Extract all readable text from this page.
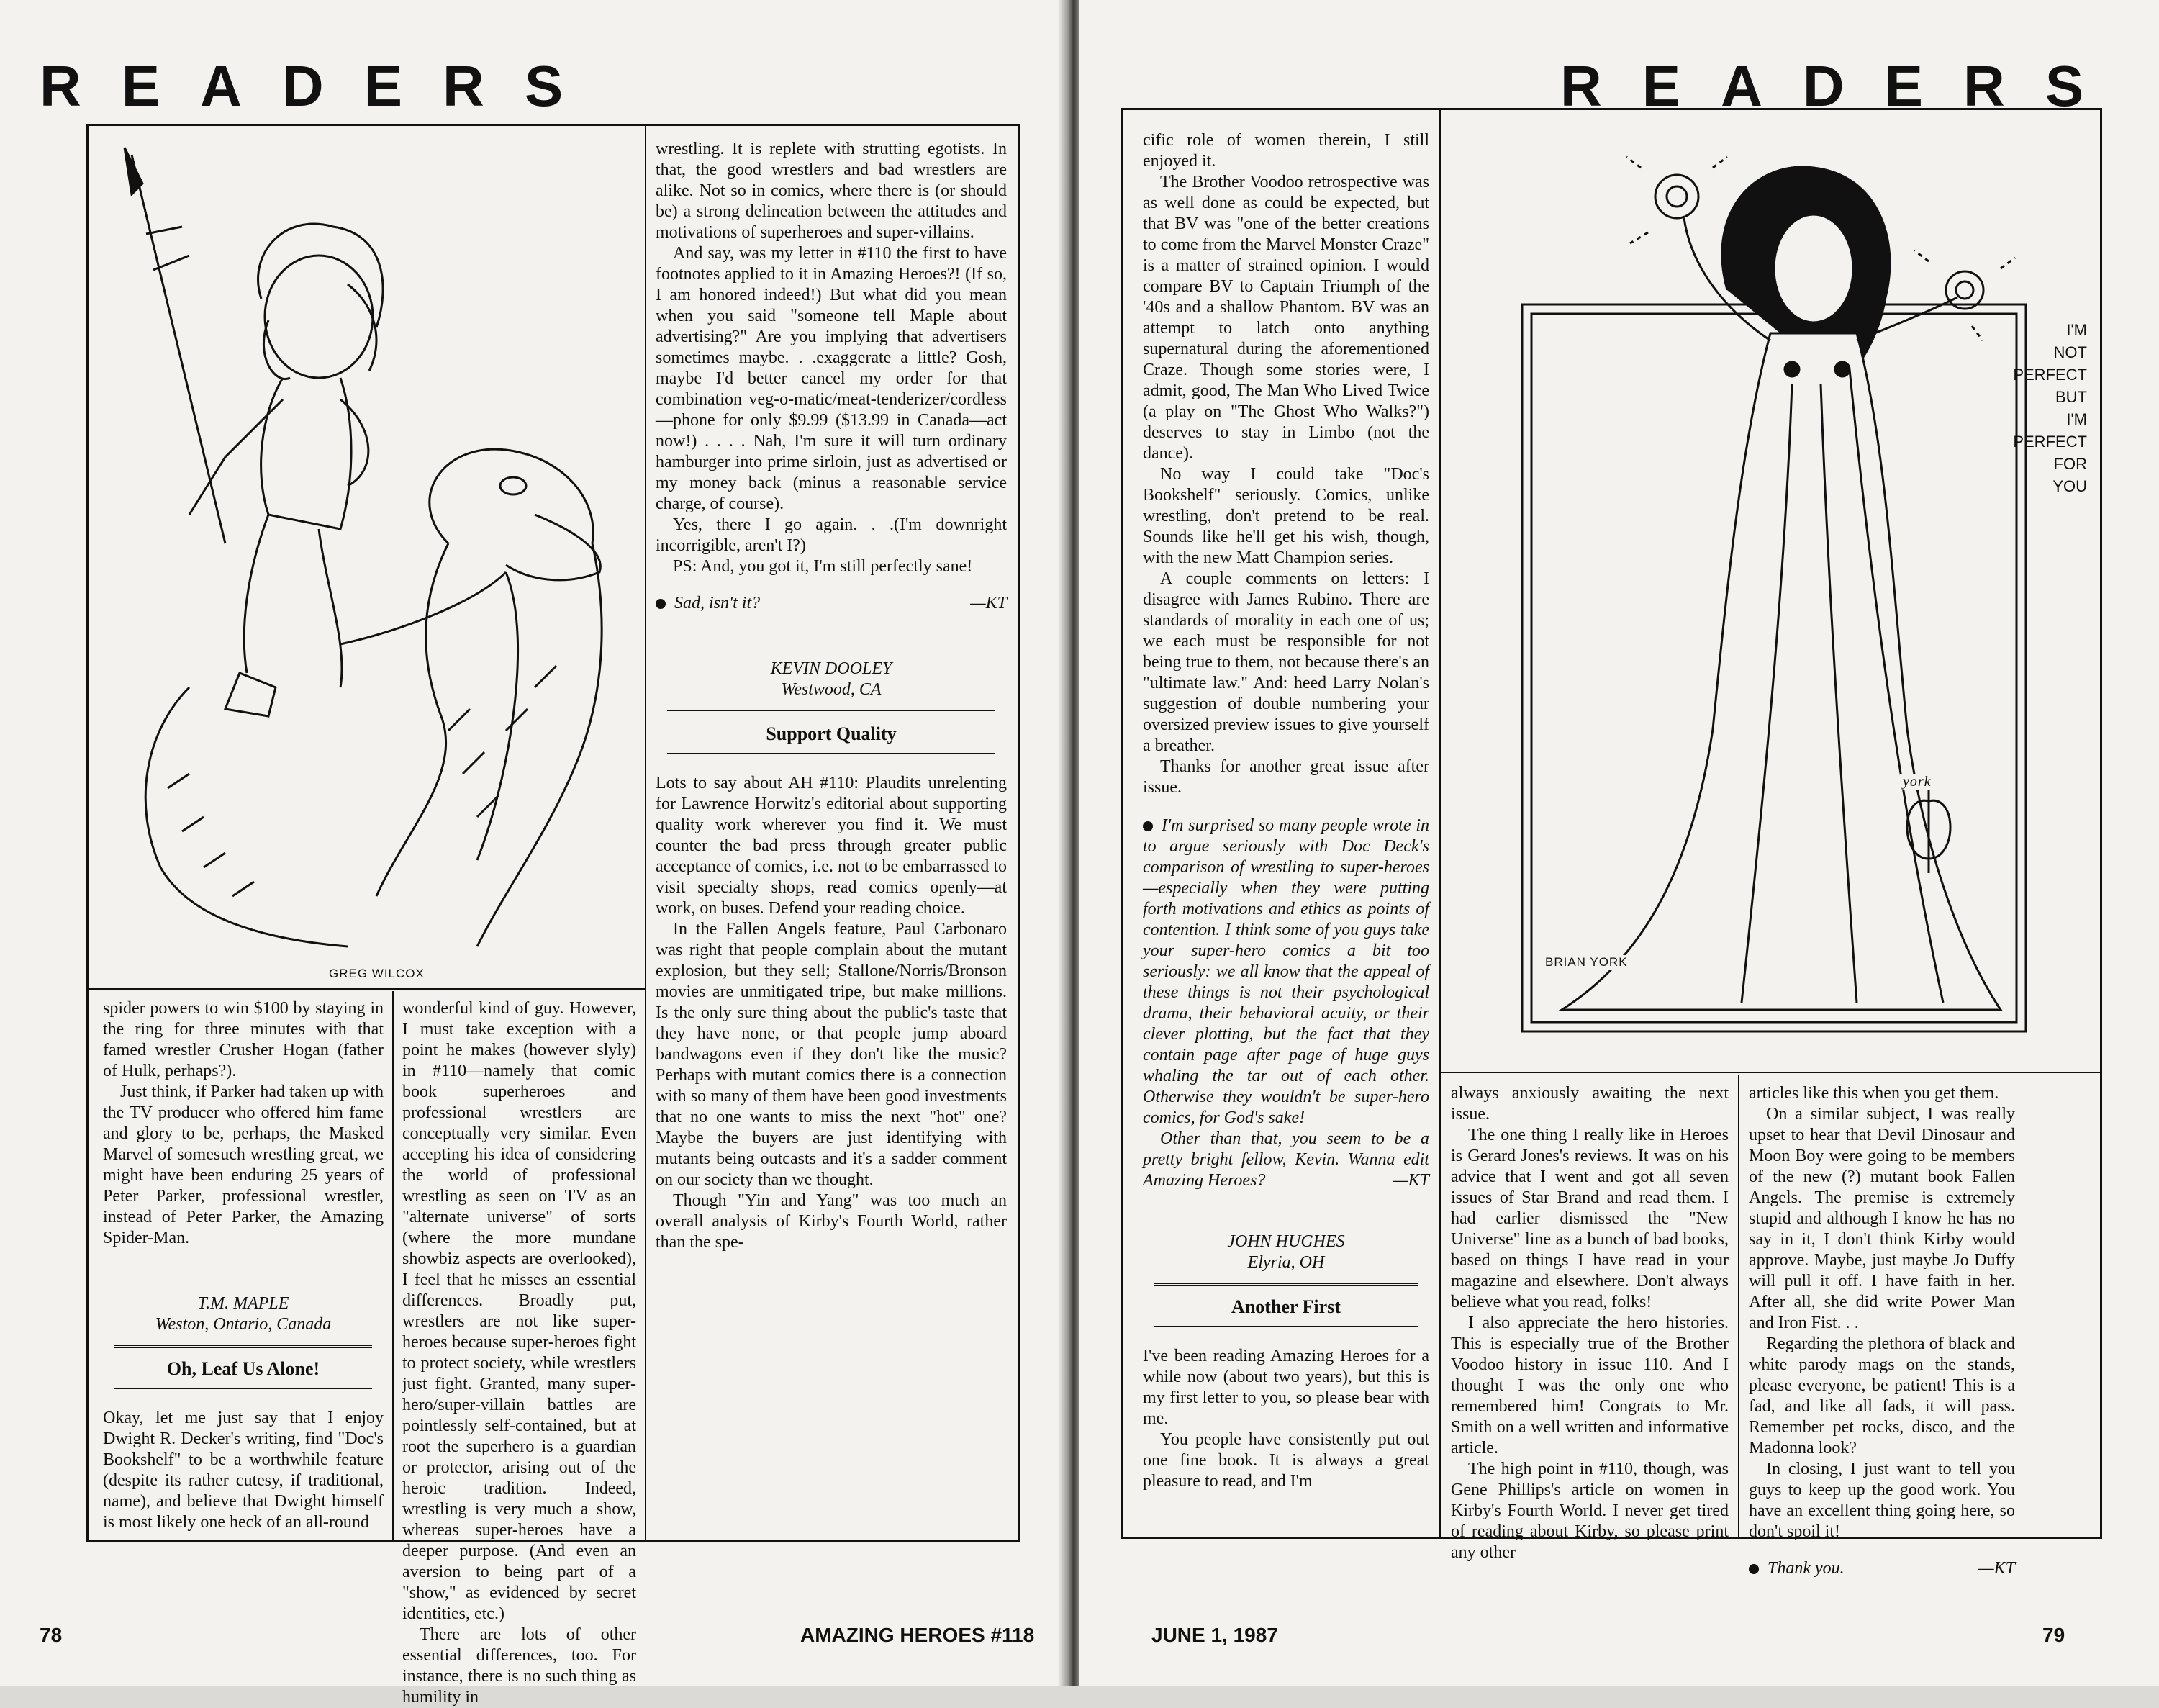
READERS
GREG WILCOX

spider powers to win $100 by staying in the ring for three minutes with that famed wrestler Crusher Hogan (father of Hulk, perhaps?).

Just think, if Parker had taken up with the TV producer who offered him fame and glory to be, perhaps, the Masked Marvel of somesuch wrestling great, we might have been enduring 25 years of Peter Parker, professional wrestler, instead of Peter Parker, the Amazing Spider-Man.

T.M. MAPLE
Weston, Ontario, Canada
Oh, Leaf Us Alone!

Okay, let me just say that I enjoy Dwight R. Decker's writing, find "Doc's Bookshelf" to be a worthwhile feature (despite its rather cutesy, if traditional, name), and believe that Dwight himself is most likely one heck of an all-round

wonderful kind of guy. However, I must take exception with a point he makes (however slyly) in #110—namely that comic book superheroes and professional wrestlers are conceptually very similar. Even accepting his idea of considering the world of professional wrestling as seen on TV as an "alternate universe" of sorts (where the more mundane showbiz aspects are overlooked), I feel that he misses an essential differences. Broadly put, wrestlers are not like super-heroes because super-heroes fight to protect society, while wrestlers just fight. Granted, many super-hero/super-villain battles are pointlessly self-contained, but at root the superhero is a guardian or protector, arising out of the heroic tradition. Indeed, wrestling is very much a show, whereas super-heroes have a deeper purpose. (And even an aversion to being part of a "show," as evidenced by secret identities, etc.)

There are lots of other essential differences, too. For instance, there is no such thing as humility in

wrestling. It is replete with strutting egotists. In that, the good wrestlers and bad wrestlers are alike. Not so in comics, where there is (or should be) a strong delineation between the attitudes and motivations of superheroes and super-villains.

And say, was my letter in #110 the first to have footnotes applied to it in Amazing Heroes?! (If so, I am honored indeed!) But what did you mean when you said "someone tell Maple about advertising?" Are you implying that advertisers sometimes maybe. . .exaggerate a little? Gosh, maybe I'd better cancel my order for that combination veg-o-matic/meat-tenderizer/cordless—phone for only $9.99 ($13.99 in Canada—act now!) . . . . Nah, I'm sure it will turn ordinary hamburger into prime sirloin, just as advertised or my money back (minus a reasonable service charge, of course).

Yes, there I go again. . .(I'm downright incorrigible, aren't I?)

PS: And, you got it, I'm still perfectly sane!

Sad, isn't it?	—KT

KEVIN DOOLEY
Westwood, CA
Support Quality

Lots to say about AH #110: Plaudits unrelenting for Lawrence Horwitz's editorial about supporting quality work wherever you find it. We must counter the bad press through greater public acceptance of comics, i.e. not to be embarrassed to visit specialty shops, read comics openly—at work, on buses. Defend your reading choice.

In the Fallen Angels feature, Paul Carbonaro was right that people complain about the mutant explosion, but they sell; Stallone/Norris/Bronson movies are unmitigated tripe, but make millions. Is the only sure thing about the public's taste that they have none, or that people jump aboard bandwagons even if they don't like the music? Perhaps with mutant comics there is a connection with so many of them have been good investments that no one wants to miss the next "hot" one? Maybe the buyers are just identifying with mutants being outcasts and it's a sadder comment on our society than we thought.

Though "Yin and Yang" was too much an overall analysis of Kirby's Fourth World, rather than the spe-

78	AMAZING HEROES #118
READERS
I'M
NOT
PERFECT
BUT
I'M
PERFECT
FOR
YOU
BRIAN YORK
york

cific role of women therein, I still enjoyed it.

The Brother Voodoo retrospective was as well done as could be expected, but that BV was "one of the better creations to come from the Marvel Monster Craze" is a matter of strained opinion. I would compare BV to Captain Triumph of the '40s and a shallow Phantom. BV was an attempt to latch onto anything supernatural during the aforementioned Craze. Though some stories were, I admit, good, The Man Who Lived Twice (a play on "The Ghost Who Walks?") deserves to stay in Limbo (not the dance).

No way I could take "Doc's Bookshelf" seriously. Comics, unlike wrestling, don't pretend to be real. Sounds like he'll get his wish, though, with the new Matt Champion series.

A couple comments on letters: I disagree with James Rubino. There are standards of morality in each one of us; we each must be responsible for not being true to them, not because there's an "ultimate law." And: heed Larry Nolan's suggestion of double numbering your oversized preview issues to give yourself a breather.

Thanks for another great issue after issue.

I'm surprised so many people wrote in to argue seriously with Doc Deck's comparison of wrestling to super-heroes—especially when they were putting forth motivations and ethics as points of contention. I think some of you guys take your super-hero comics a bit too seriously: we all know that the appeal of these things is not their psychological drama, their behavioral acuity, or their clever plotting, but the fact that they contain page after page of huge guys whaling the tar out of each other. Otherwise they wouldn't be super-hero comics, for God's sake!

Other than that, you seem to be a pretty bright fellow, Kevin. Wanna edit Amazing Heroes?	—KT

JOHN HUGHES
Elyria, OH
Another First

I've been reading Amazing Heroes for a while now (about two years), but this is my first letter to you, so please bear with me.

You people have consistently put out one fine book. It is always a great pleasure to read, and I'm

always anxiously awaiting the next issue.

The one thing I really like in Heroes is Gerard Jones's reviews. It was on his advice that I went and got all seven issues of Star Brand and read them. I had earlier dismissed the "New Universe" line as a bunch of bad books, based on things I have read in your magazine and elsewhere. Don't always believe what you read, folks!

I also appreciate the hero histories. This is especially true of the Brother Voodoo history in issue 110. And I thought I was the only one who remembered him! Congrats to Mr. Smith on a well written and informative article.

The high point in #110, though, was Gene Phillips's article on women in Kirby's Fourth World. I never get tired of reading about Kirby, so please print any other

articles like this when you get them.

On a similar subject, I was really upset to hear that Devil Dinosaur and Moon Boy were going to be members of the new (?) mutant book Fallen Angels. The premise is extremely stupid and although I know he has no say in it, I don't think Kirby would approve. Maybe, just maybe Jo Duffy will pull it off. I have faith in her. After all, she did write Power Man and Iron Fist. . .

Regarding the plethora of black and white parody mags on the stands, please everyone, be patient! This is a fad, and like all fads, it will pass. Remember pet rocks, disco, and the Madonna look?

In closing, I just want to tell you guys to keep up the good work. You have an excellent thing going here, so don't spoil it!

Thank you.	—KT

JUNE 1, 1987	79
